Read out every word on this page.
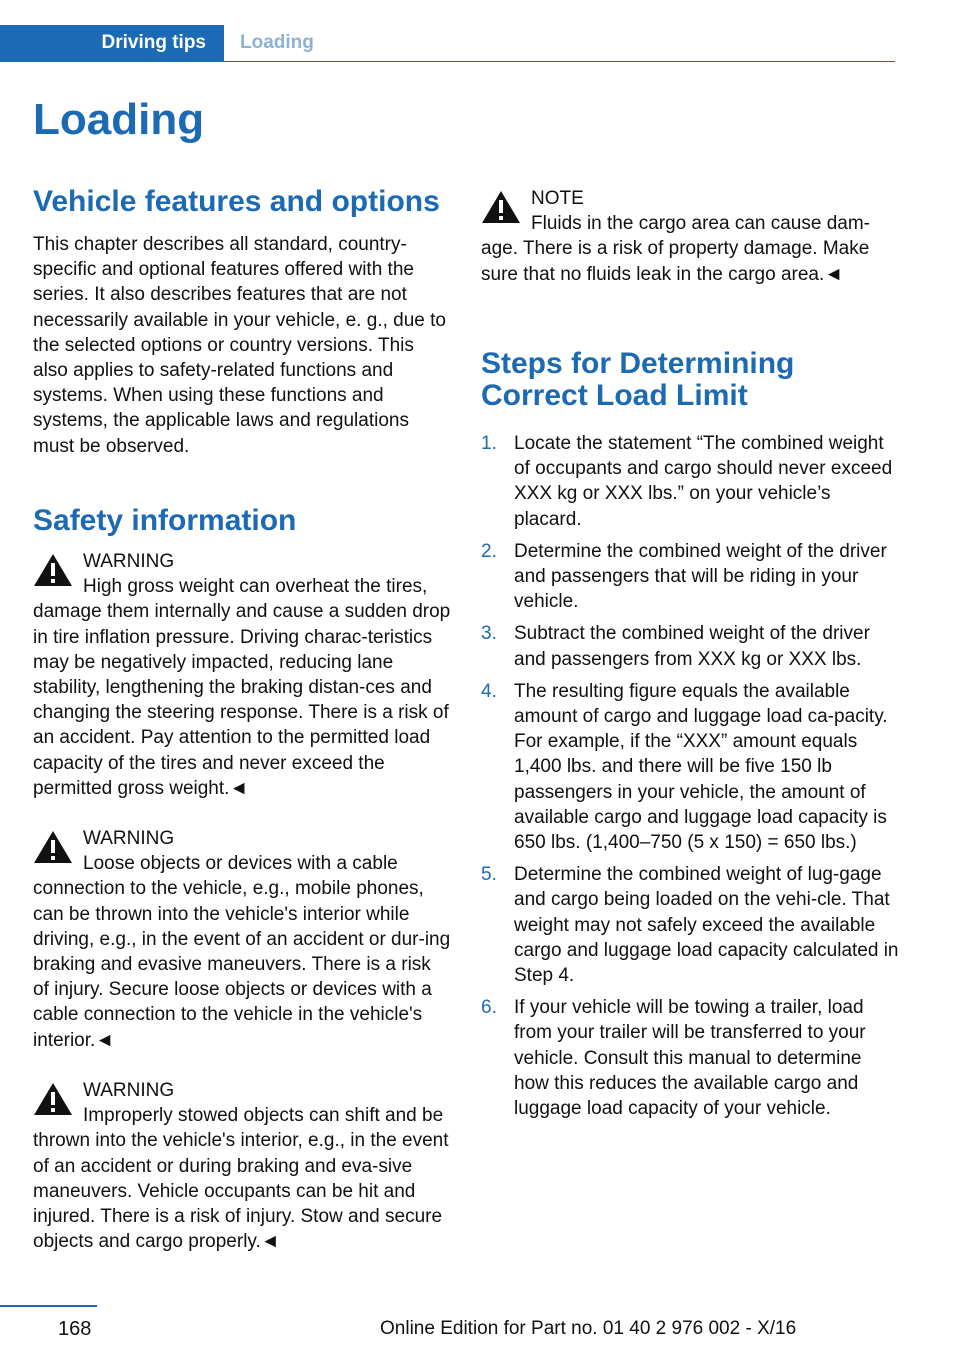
Driving tips	Loading
Loading
Vehicle features and options

This chapter describes all standard, country-specific and optional features offered with the series. It also describes features that are not necessarily available in your vehicle, e. g., due to the selected options or country versions. This also applies to safety-related functions and systems. When using these functions and systems, the applicable laws and regulations must be observed.

Safety information
WARNING

High gross weight can overheat the tires, damage them internally and cause a sudden drop in tire inflation pressure. Driving charac-teristics may be negatively impacted, reducing lane stability, lengthening the braking distan-ces and changing the steering response. There is a risk of an accident. Pay attention to the permitted load capacity of the tires and never exceed the permitted gross weight.◄

WARNING

Loose objects or devices with a cable connection to the vehicle, e.g., mobile phones, can be thrown into the vehicle's interior while driving, e.g., in the event of an accident or dur-ing braking and evasive maneuvers. There is a risk of injury. Secure loose objects or devices with a cable connection to the vehicle in the vehicle's interior.◄

WARNING

Improperly stowed objects can shift and be thrown into the vehicle's interior, e.g., in the event of an accident or during braking and eva-sive maneuvers. Vehicle occupants can be hit and injured. There is a risk of injury. Stow and secure objects and cargo properly.◄

NOTE

Fluids in the cargo area can cause dam-age. There is a risk of property damage. Make sure that no fluids leak in the cargo area.◄

Steps for Determining
Correct Load Limit
1. Locate the statement “The combined weight of occupants and cargo should never exceed XXX kg or XXX lbs.” on your vehicle’s placard.
2. Determine the combined weight of the driver and passengers that will be riding in your vehicle.
3. Subtract the combined weight of the driver and passengers from XXX kg or XXX lbs.
4. The resulting figure equals the available amount of cargo and luggage load ca-pacity. For example, if the “XXX” amount equals 1,400 lbs. and there will be five 150 lb passengers in your vehicle, the amount of available cargo and luggage load capacity is 650 lbs. (1,400–750 (5 x 150) = 650 lbs.)
5. Determine the combined weight of lug-gage and cargo being loaded on the vehi-cle. That weight may not safely exceed the available cargo and luggage load capacity calculated in Step 4.
6. If your vehicle will be towing a trailer, load from your trailer will be transferred to your vehicle. Consult this manual to determine how this reduces the available cargo and luggage load capacity of your vehicle.
168	Online Edition for Part no. 01 40 2 976 002 - X/16
